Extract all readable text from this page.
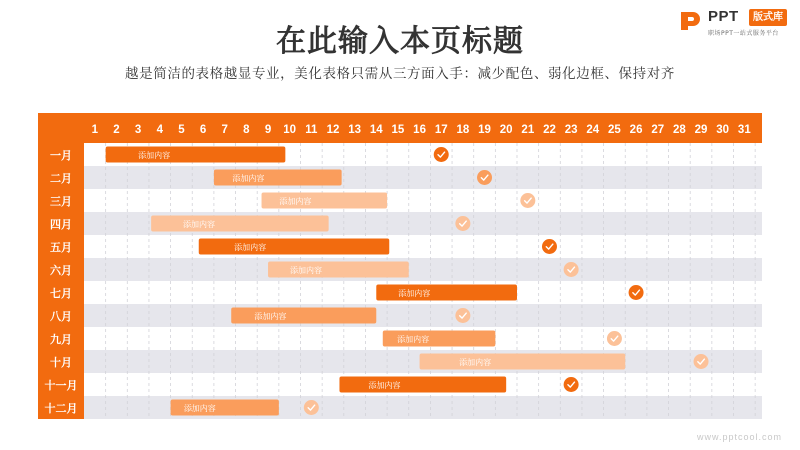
在此输入本页标题
越是简洁的表格越显专业，美化表格只需从三方面入手：减少配色、弱化边框、保持对齐
PPT	版式库
职场PPT一站式服务平台
1 2 3 4 5 6 7 8 9 10 11 12 13 14 15 16 17 18 19 20 21 22 23 24 25 26 27 28 29 30 31
一月	添加内容
二月	添加内容
三月	添加内容
四月	添加内容
五月	添加内容
六月	添加内容
七月	添加内容
八月	添加内容
九月	添加内容
十月	添加内容
十一月	添加内容
十二月	添加内容
www.pptcool.com
